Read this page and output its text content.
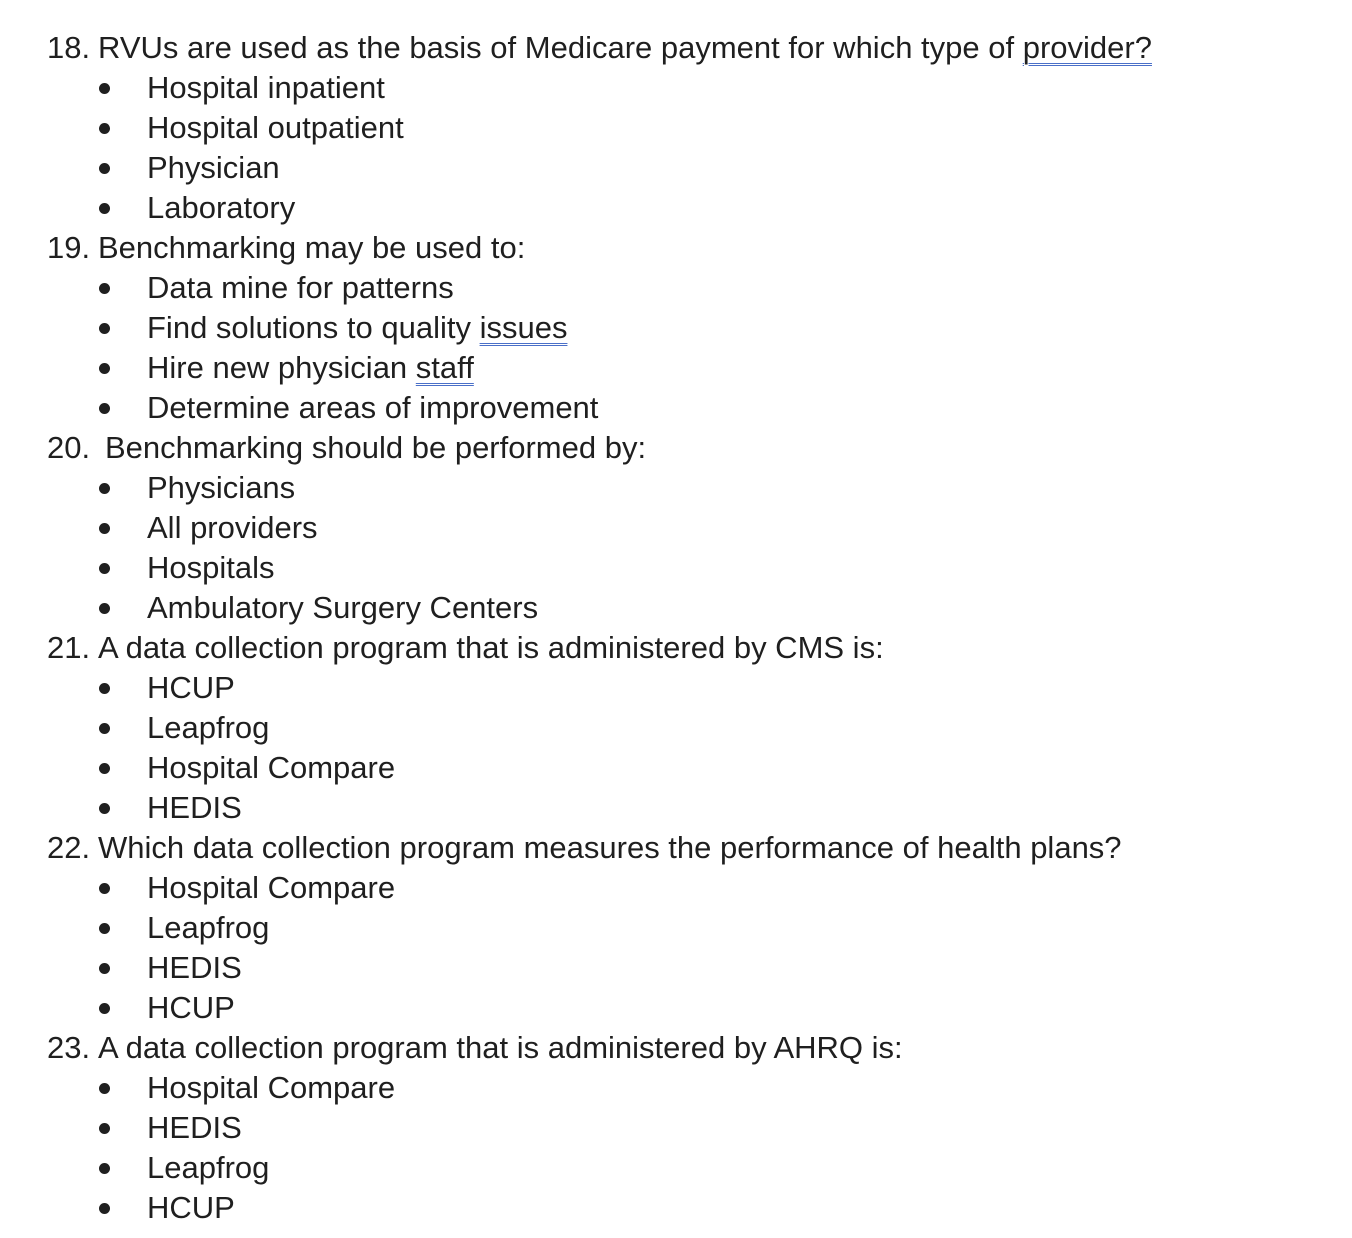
18. RVUs are used as the basis of Medicare payment for which type of provider?
Hospital inpatient
Hospital outpatient
Physician
Laboratory
19. Benchmarking may be used to:
Data mine for patterns
Find solutions to quality issues
Hire new physician staff
Determine areas of improvement
20. Benchmarking should be performed by:
Physicians
All providers
Hospitals
Ambulatory Surgery Centers
21. A data collection program that is administered by CMS is:
HCUP
Leapfrog
Hospital Compare
HEDIS
22. Which data collection program measures the performance of health plans?
Hospital Compare
Leapfrog
HEDIS
HCUP
23. A data collection program that is administered by AHRQ is:
Hospital Compare
HEDIS
Leapfrog
HCUP
